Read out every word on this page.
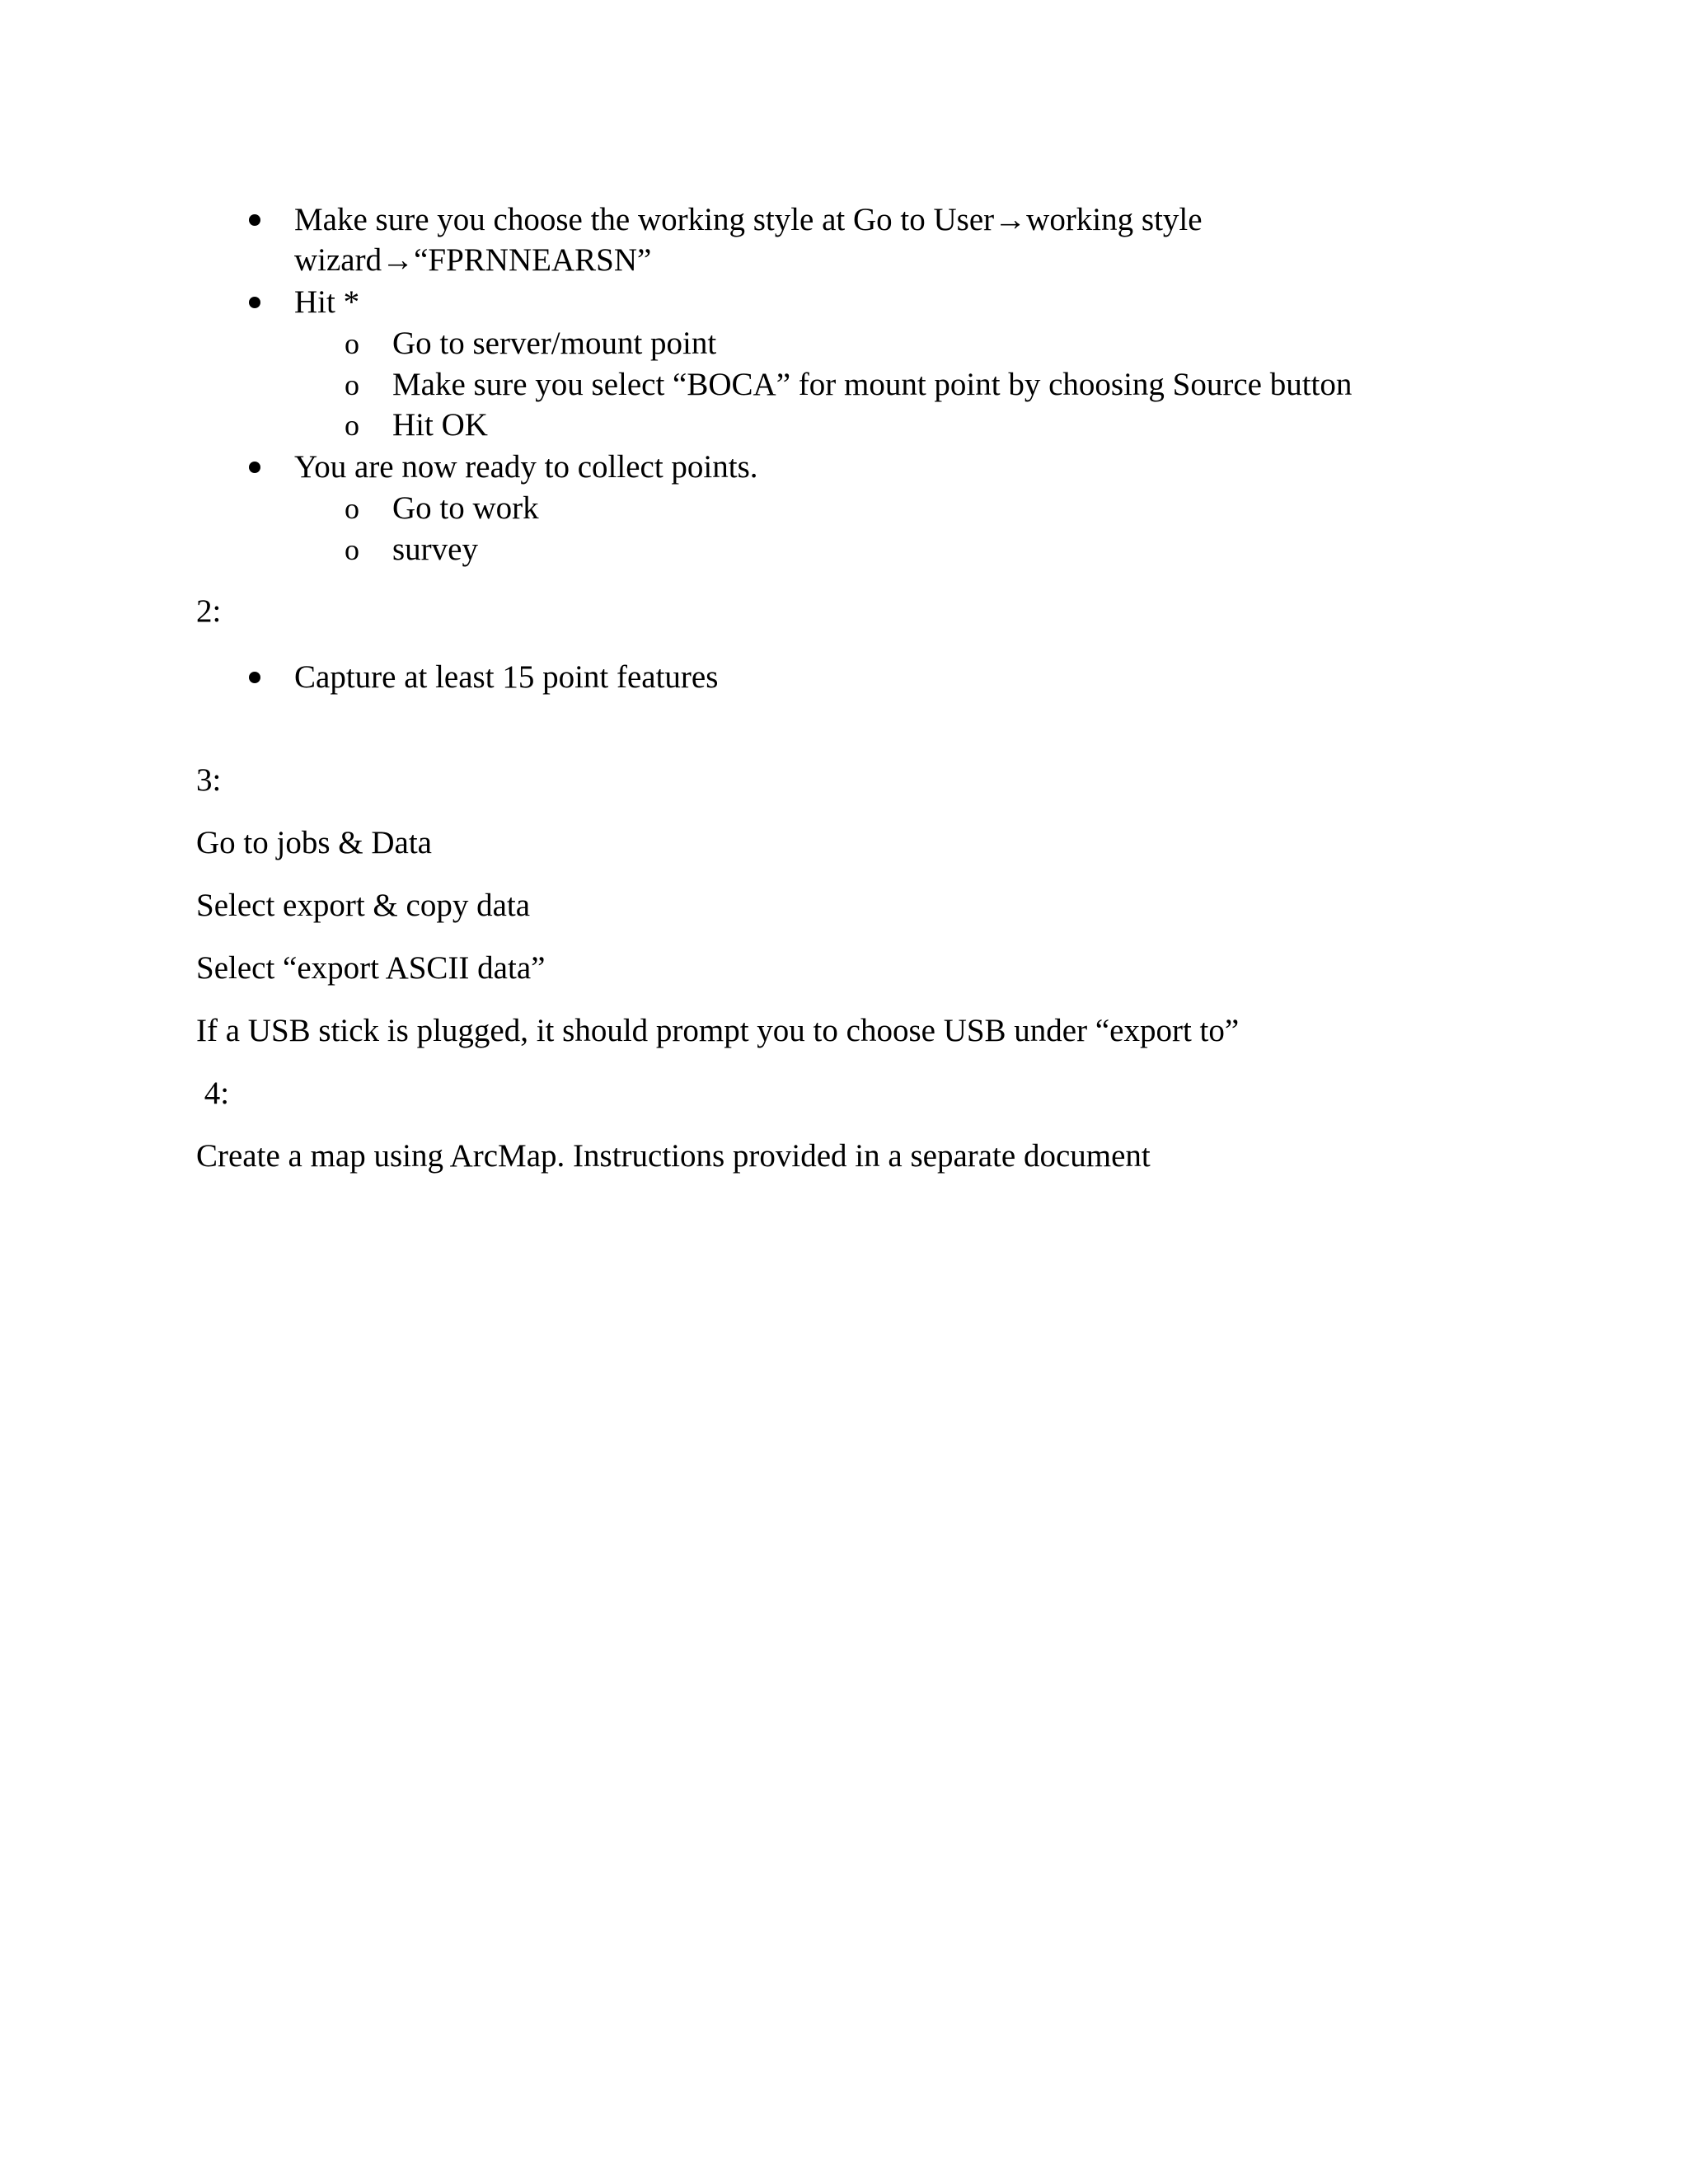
Make sure you choose the working style at Go to User→working style
wizard→“FPRNNEARSN”
Hit *
o Go to server/mount point
o Make sure you select “BOCA” for mount point by choosing Source button
o Hit OK
You are now ready to collect points.
o Go to work
o survey
2:
Capture at least 15 point features
3:
Go to jobs & Data
Select export & copy data
Select “export ASCII data”
If a USB stick is plugged, it should prompt you to choose USB under “export to”
4:
Create a map using ArcMap. Instructions provided in a separate document
